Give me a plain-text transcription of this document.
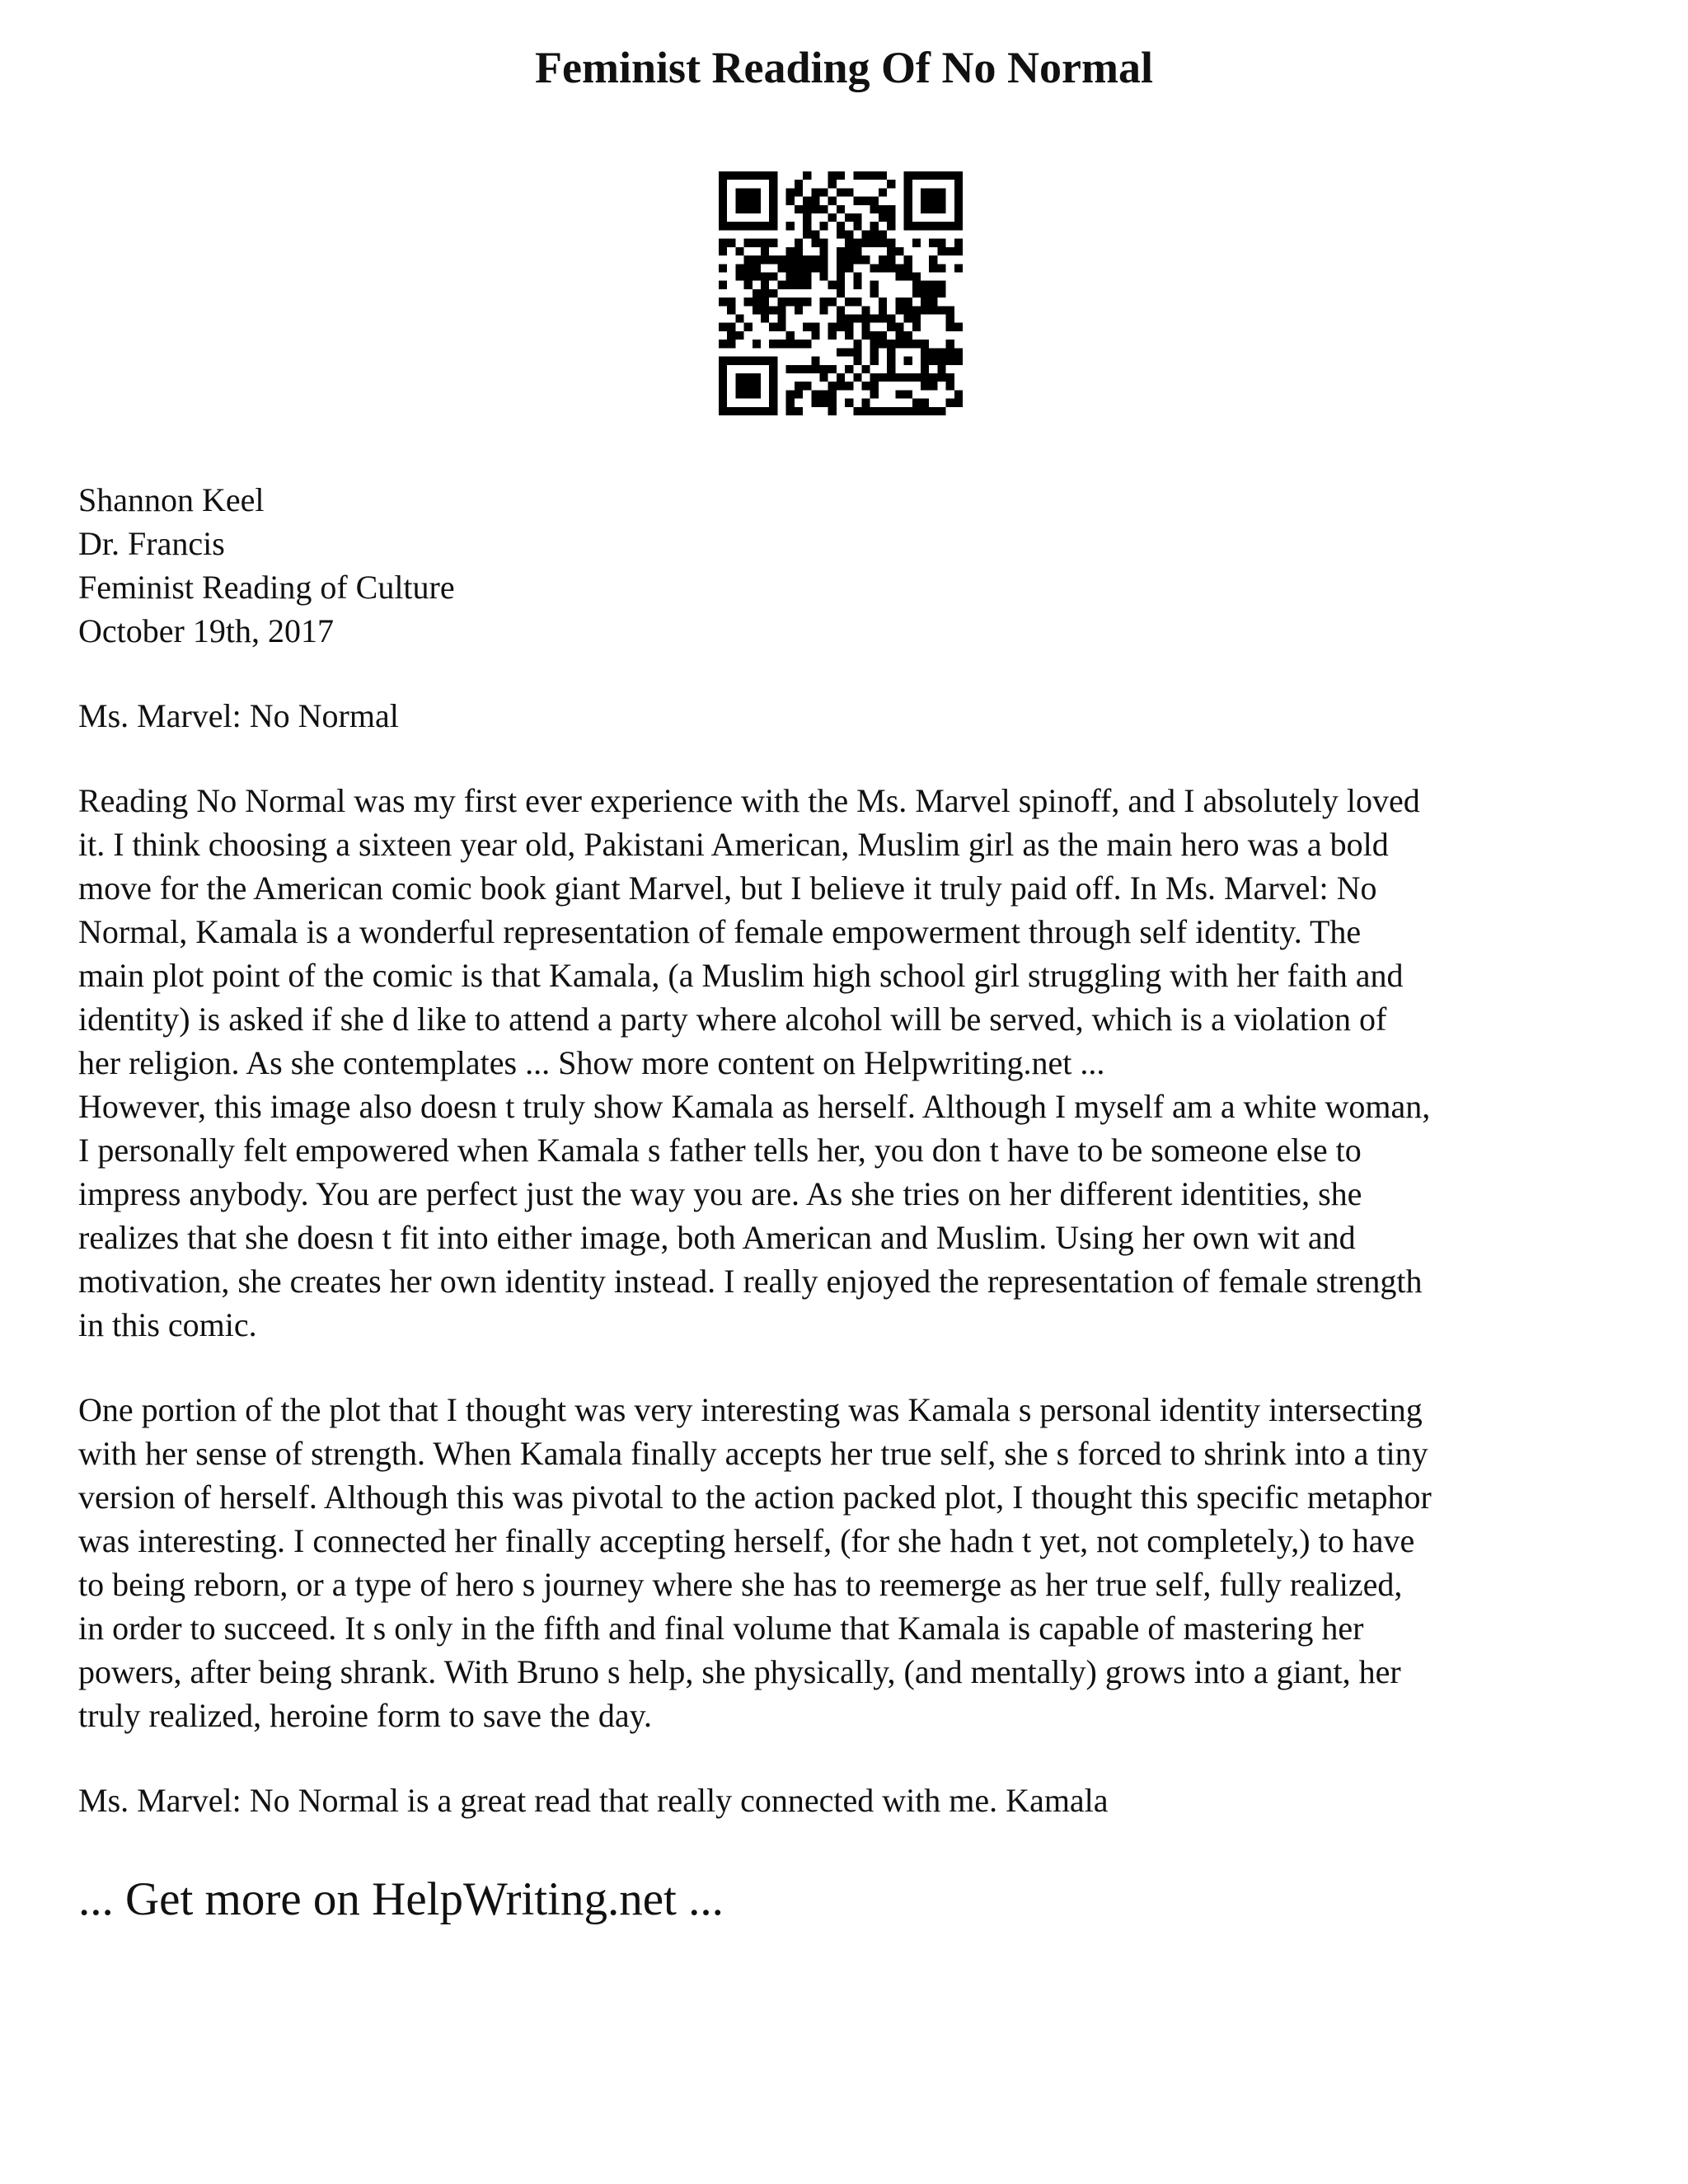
Feminist Reading Of No Normal
Shannon Keel
Dr. Francis
Feminist Reading of Culture
October 19th, 2017
Ms. Marvel: No Normal
Reading No Normal was my first ever experience with the Ms. Marvel spinoff, and I absolutely loved
it. I think choosing a sixteen year old, Pakistani American, Muslim girl as the main hero was a bold
move for the American comic book giant Marvel, but I believe it truly paid off. In Ms. Marvel: No
Normal, Kamala is a wonderful representation of female empowerment through self identity. The
main plot point of the comic is that Kamala, (a Muslim high school girl struggling with her faith and
identity) is asked if she d like to attend a party where alcohol will be served, which is a violation of
her religion. As she contemplates ... Show more content on Helpwriting.net ...
However, this image also doesn t truly show Kamala as herself. Although I myself am a white woman,
I personally felt empowered when Kamala s father tells her, you don t have to be someone else to
impress anybody. You are perfect just the way you are. As she tries on her different identities, she
realizes that she doesn t fit into either image, both American and Muslim. Using her own wit and
motivation, she creates her own identity instead. I really enjoyed the representation of female strength
in this comic.
One portion of the plot that I thought was very interesting was Kamala s personal identity intersecting
with her sense of strength. When Kamala finally accepts her true self, she s forced to shrink into a tiny
version of herself. Although this was pivotal to the action packed plot, I thought this specific metaphor
was interesting. I connected her finally accepting herself, (for she hadn t yet, not completely,) to have
to being reborn, or a type of hero s journey where she has to reemerge as her true self, fully realized,
in order to succeed. It s only in the fifth and final volume that Kamala is capable of mastering her
powers, after being shrank. With Bruno s help, she physically, (and mentally) grows into a giant, her
truly realized, heroine form to save the day.
Ms. Marvel: No Normal is a great read that really connected with me. Kamala
... Get more on HelpWriting.net ...
